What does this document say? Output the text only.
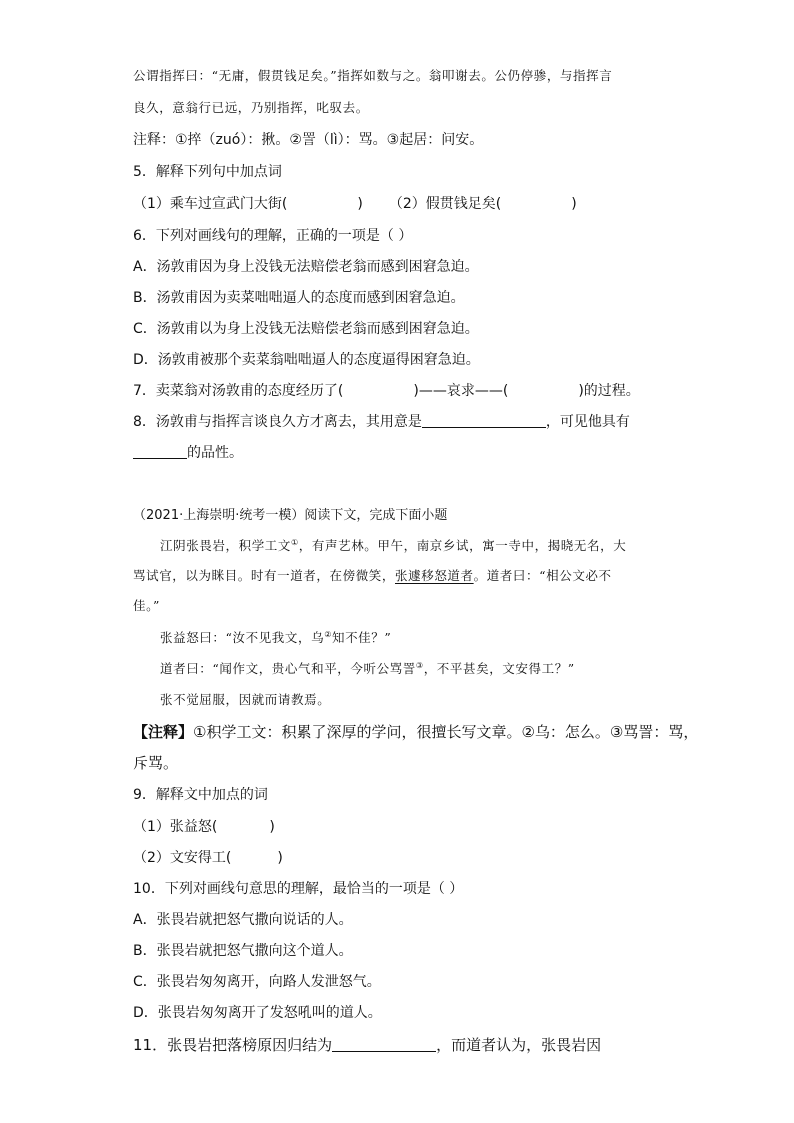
公谓指挥曰：“无庸，假贯钱足矣。”指挥如数与之。翁叩谢去。公仍停骖，与指挥言
良久，意翁行已远，乃别指挥，叱驭去。
注释：①捽（zuó）：揪。②詈（lì）：骂。③起居：问安。
5．解释下列句中加点词
（1）乘车过宣武门大街(	) （2）假贯钱足矣(	)
6．下列对画线句的理解，正确的一项是（ ）
A．汤敦甫因为身上没钱无法赔偿老翁而感到困窘急迫。
B．汤敦甫因为卖菜咄咄逼人的态度而感到困窘急迫。
C．汤敦甫以为身上没钱无法赔偿老翁而感到困窘急迫。
D．汤敦甫被那个卖菜翁咄咄逼人的态度逼得困窘急迫。
7．卖菜翁对汤敦甫的态度经历了(	)——哀求——(	)的过程。
8．汤敦甫与指挥言谈良久方才离去，其用意是	，可见他具有
的品性。
（2021·上海崇明·统考一模）阅读下文，完成下面小题
江阴张畏岩，积学工文①，有声艺林。甲午，南京乡试，寓一寺中，揭晓无名，大
骂试官，以为眯目。时有一道者，在傍微笑，张遽移怒道者。道者曰：“相公文必不
佳。”
张益怒曰：“汝不见我文，乌②知不佳？”
道者曰：“闻作文，贵心气和平，今听公骂詈③，不平甚矣，文安得工？”
张不觉屈服，因就而请教焉。
【注释】①积学工文：积累了深厚的学问，很擅长写文章。②乌：怎么。③骂詈：骂，
斥骂。
9．解释文中加点的词
（1）张益怒(	)
（2）文安得工(	)
10．下列对画线句意思的理解，最恰当的一项是（ ）
A．张畏岩就把怒气撒向说话的人。
B．张畏岩就把怒气撒向这个道人。
C．张畏岩匆匆离开，向路人发泄怒气。
D．张畏岩匆匆离开了发怒吼叫的道人。
11．张畏岩把落榜原因归结为	，而道者认为，张畏岩因
